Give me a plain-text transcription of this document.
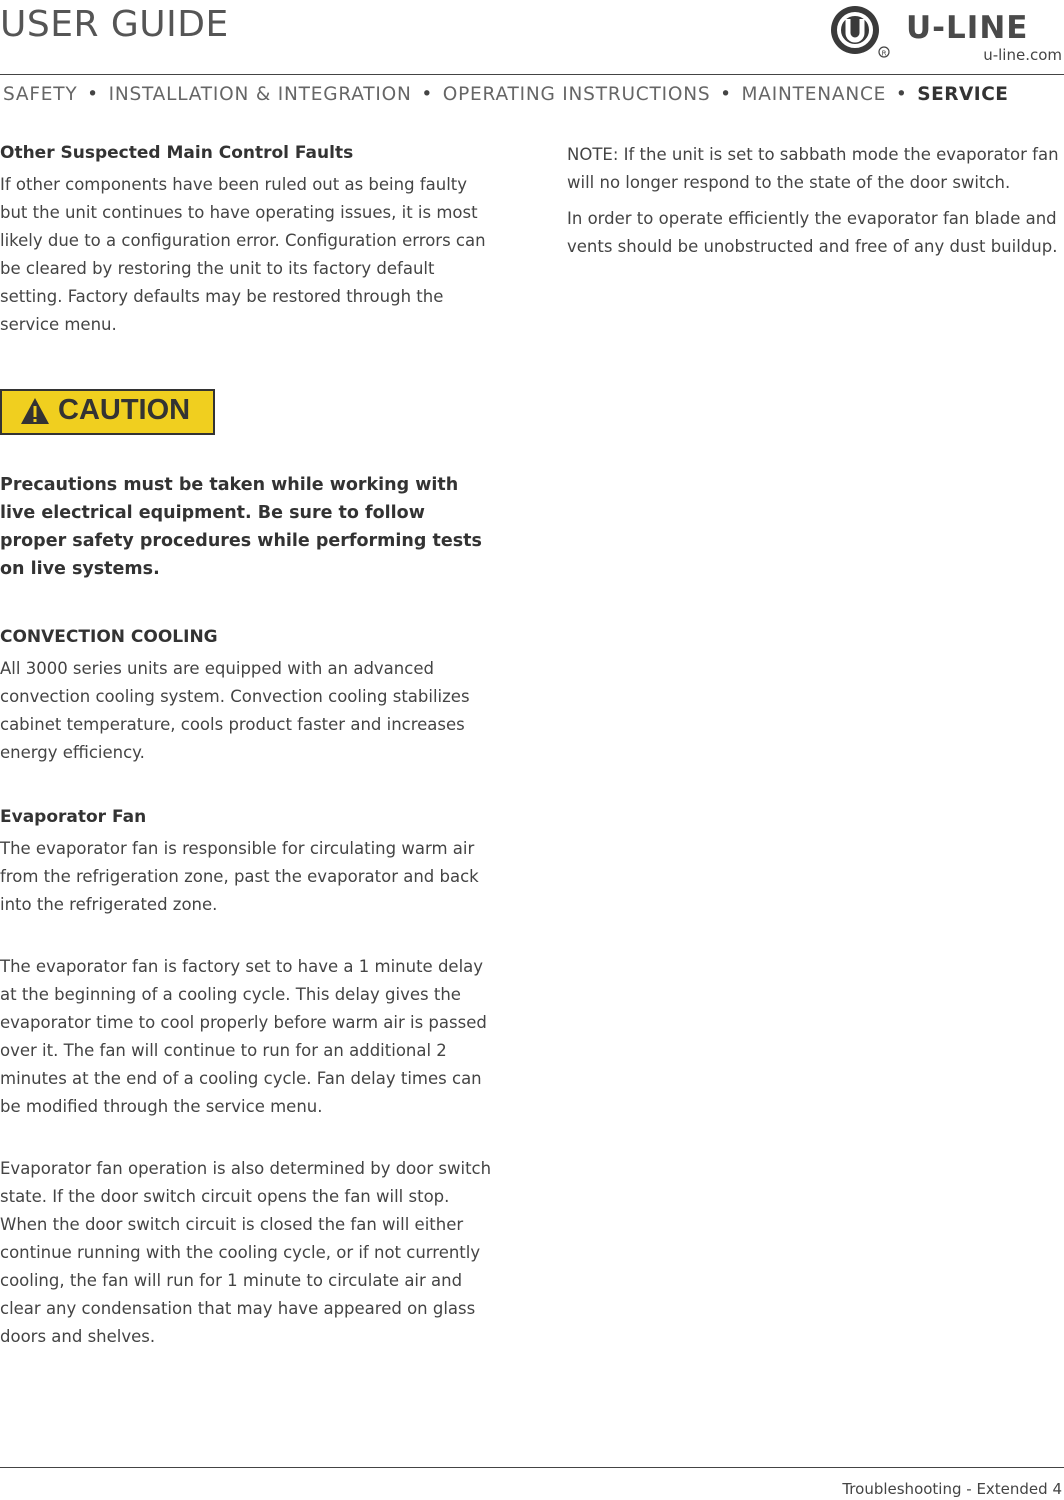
USER GUIDE
R
U-LINE
u-line.com
SAFETY • INSTALLATION & INTEGRATION • OPERATING INSTRUCTIONS • MAINTENANCE • SERVICE
Other Suspected Main Control Faults

If other components have been ruled out as being faulty but the unit continues to have operating issues, it is most likely due to a configuration error. Configuration errors can be cleared by restoring the unit to its factory default setting. Factory defaults may be restored through the service menu.

CAUTION

Precautions must be taken while working with live electrical equipment. Be sure to follow proper safety procedures while performing tests on live systems.

CONVECTION COOLING

All 3000 series units are equipped with an advanced convection cooling system. Convection cooling stabilizes cabinet temperature, cools product faster and increases energy efficiency.

Evaporator Fan

The evaporator fan is responsible for circulating warm air from the refrigeration zone, past the evaporator and back into the refrigerated zone.

The evaporator fan is factory set to have a 1 minute delay at the beginning of a cooling cycle. This delay gives the evaporator time to cool properly before warm air is passed over it. The fan will continue to run for an additional 2 minutes at the end of a cooling cycle. Fan delay times can be modified through the service menu.

Evaporator fan operation is also determined by door switch state. If the door switch circuit opens the fan will stop. When the door switch circuit is closed the fan will either continue running with the cooling cycle, or if not currently cooling, the fan will run for 1 minute to circulate air and clear any condensation that may have appeared on glass doors and shelves.

NOTE: If the unit is set to sabbath mode the evaporator fan will no longer respond to the state of the door switch.

In order to operate efficiently the evaporator fan blade and vents should be unobstructed and free of any dust buildup.

Troubleshooting - Extended 4
